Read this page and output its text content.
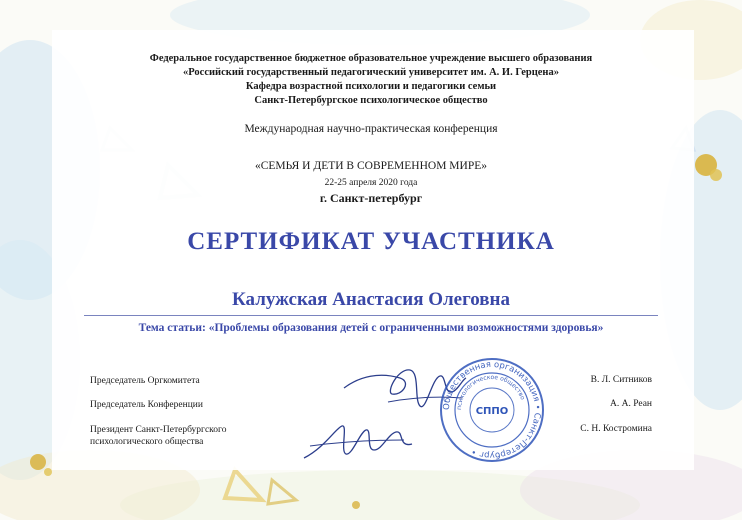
Федеральное государственное бюджетное образовательное учреждение высшего образования
«Российский государственный педагогический университет им. А. И. Герцена»
Кафедра возрастной психологии и педагогики семьи
Санкт-Петербургское психологическое общество
Международная научно-практическая конференция
«СЕМЬЯ И ДЕТИ В СОВРЕМЕННОМ МИРЕ»
22-25 апреля 2020 года
г. Санкт-петербург
СЕРТИФИКАТ УЧАСТНИКА
Калужская Анастасия Олеговна
Тема статьи: «Проблемы образования детей с ограниченными возможностями здоровья»
Председатель Оргкомитета
Председатель Конференции
Президент Санкт-Петербургского психологического общества
В. Л. Ситников
А. А. Реан
С. Н. Костромина
Общественная организация • Санкт-Петербург •
психологическое общество
СППО
